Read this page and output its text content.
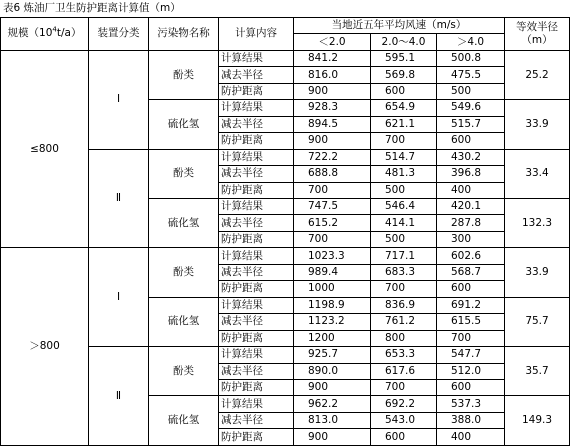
表6 炼油厂卫生防护距离计算值（m）
规模$(10^4t/a)$	装置分类	污染物名称	计算内容	当地近五年平均风速（m/s）			等效半径（m）
				＜2.0	2.0～4.0	＞4.0	
≤800	Ⅰ	酚类	计算结果	841.2	595.1	500.8	25.2
			减去半径	816.0	569.8	475.5	
			防护距离	900	600	500	
		硫化氢	计算结果	928.3	654.9	549.6	33.9
			减去半径	894.5	621.1	515.7	
			防护距离	900	700	600	
	Ⅱ	酚类	计算结果	722.2	514.7	430.2	33.4
			减去半径	688.8	481.3	396.8	
			防护距离	700	500	400	
		硫化氢	计算结果	747.5	546.4	420.1	132.3
			减去半径	615.2	414.1	287.8	
			防护距离	700	500	300	
＞800	Ⅰ	酚类	计算结果	1023.3	717.1	602.6	33.9
			减去半径	989.4	683.3	568.7	
			防护距离	1000	700	600	
		硫化氢	计算结果	1198.9	836.9	691.2	75.7
			减去半径	1123.2	761.2	615.5	
			防护距离	1200	800	700	
	Ⅱ	酚类	计算结果	925.7	653.3	547.7	35.7
			减去半径	890.0	617.6	512.0	
			防护距离	900	700	600	
		硫化氢	计算结果	962.2	692.2	537.3	149.3
			减去半径	813.0	543.0	388.0	
			防护距离	900	600	400	
